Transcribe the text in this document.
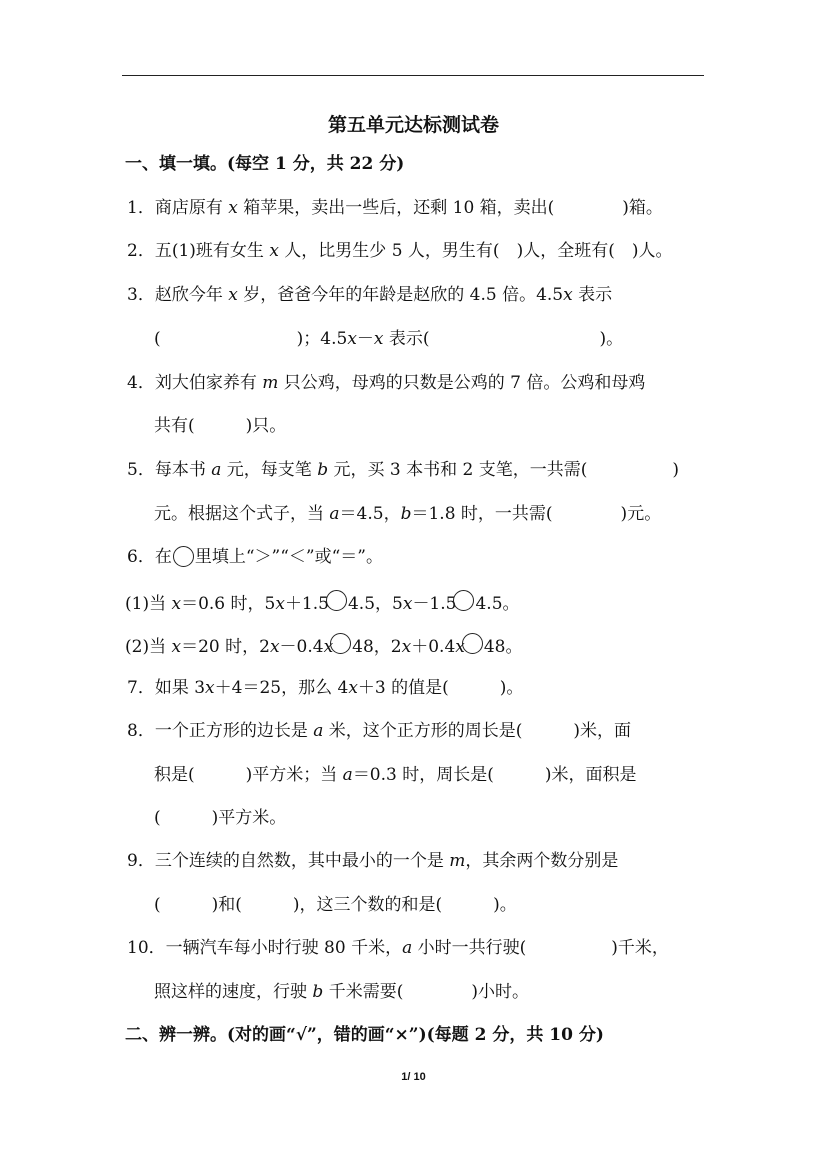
第五单元达标测试卷
一、填一填。(每空 1 分，共 22 分)
1．商店原有 x 箱苹果，卖出一些后，还剩 10 箱，卖出(　　　　)箱。
2．五(1)班有女生 x 人，比男生少 5 人，男生有(　)人，全班有(　)人。
3．赵欣今年 x 岁，爸爸今年的年龄是赵欣的 4.5 倍。4.5x 表示
(　　　　　　　　)；4.5x－x 表示(　　　　　　　　　　)。
4．刘大伯家养有 m 只公鸡，母鸡的只数是公鸡的 7 倍。公鸡和母鸡
共有(　　　)只。
5．每本书 a 元，每支笔 b 元，买 3 本书和 2 支笔，一共需(　　　　　)
元。根据这个式子，当 a＝4.5，b＝1.8 时，一共需(　　　　)元。
6．在 里填上“＞”“＜”或“＝”。
(1)当 x＝0.6 时，5x＋1.5 4.5，5x－1.5 4.5。
(2)当 x＝20 时，2x－0.4x 48，2x＋0.4x 48。
7．如果 3x＋4＝25，那么 4x＋3 的值是(　　　)。
8．一个正方形的边长是 a 米，这个正方形的周长是(　　　)米，面
积是(　　　)平方米；当 a＝0.3 时，周长是(　　　)米，面积是
(　　　)平方米。
9．三个连续的自然数，其中最小的一个是 m，其余两个数分别是
(　　　)和(　　　)，这三个数的和是(　　　)。
10．一辆汽车每小时行驶 80 千米，a 小时一共行驶(　　　　　)千米，
照这样的速度，行驶 b 千米需要(　　　　)小时。
二、辨一辨。(对的画“√”，错的画“×”)(每题 2 分，共 10 分)
1/ 10
